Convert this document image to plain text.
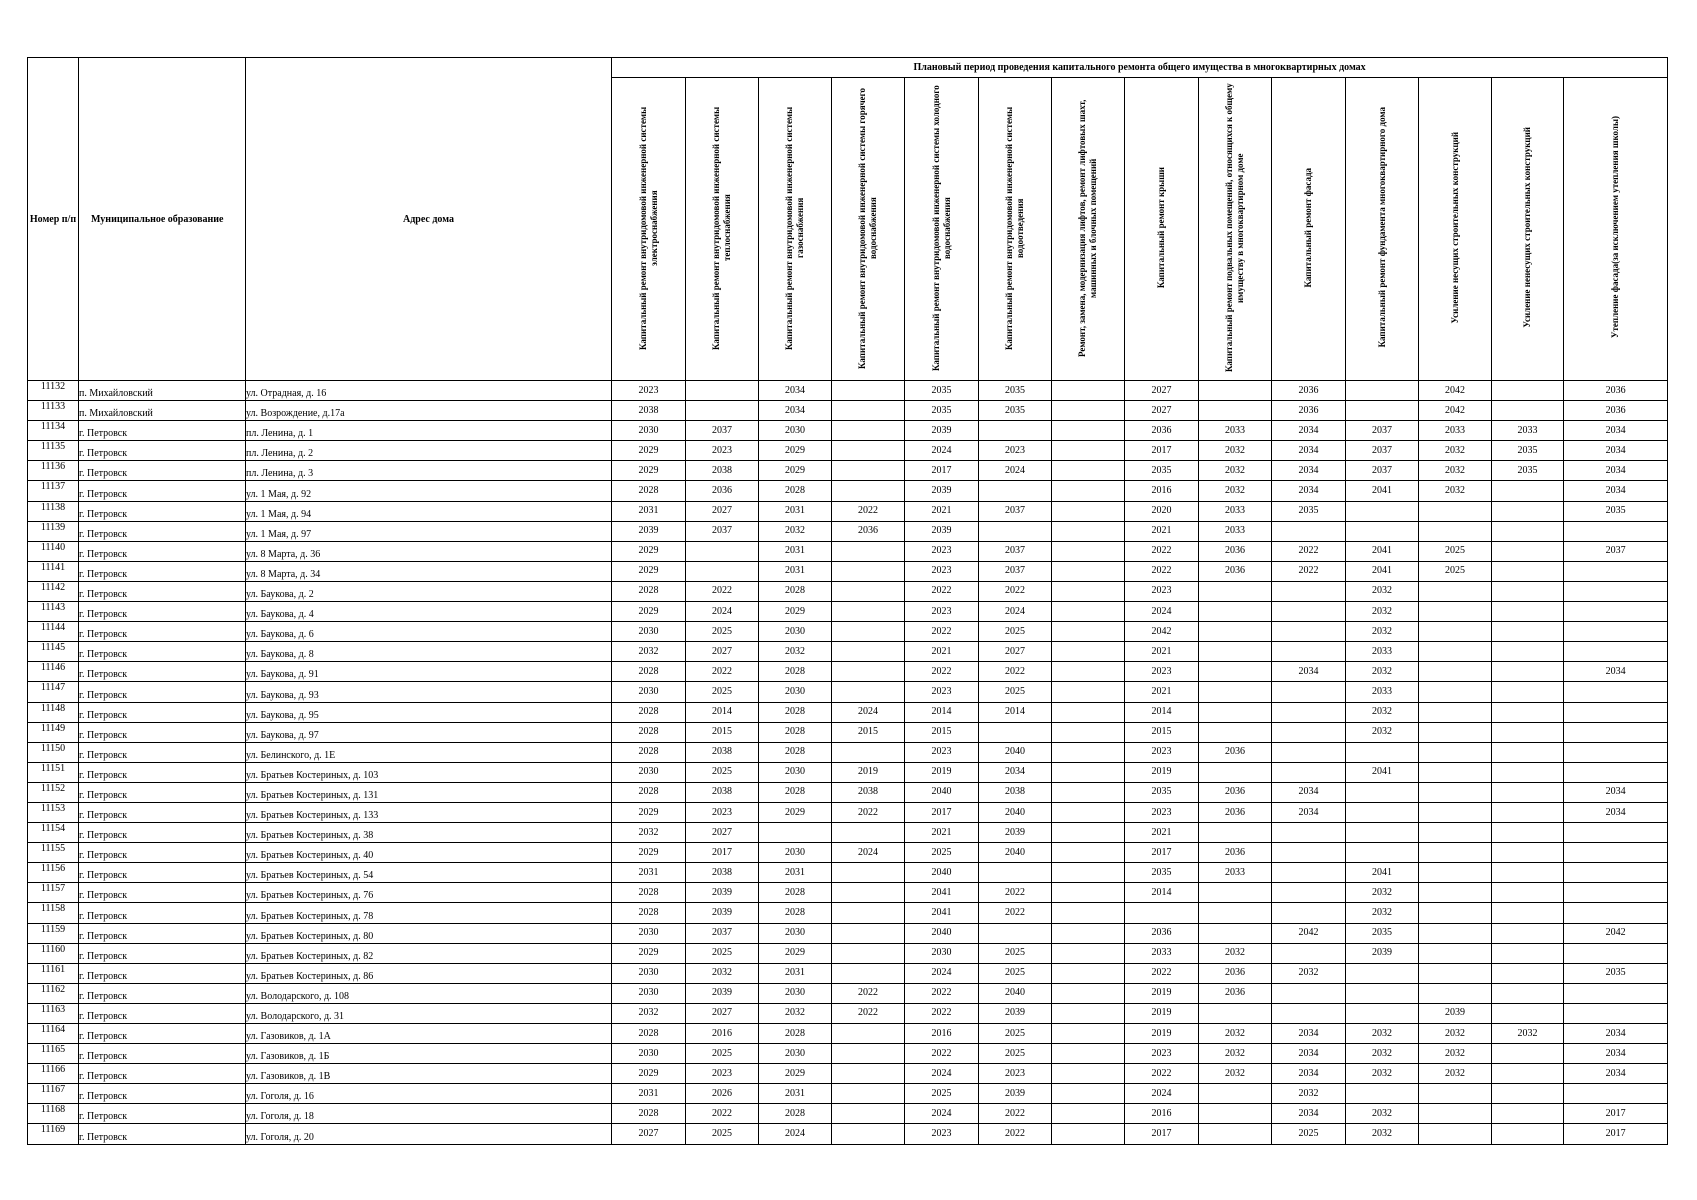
Номер п/п	Муниципальное образование	Адрес дома	Плановый период проведения капитального ремонта общего имущества в многоквартирных домах													
			Капитальный ремонт внутридомовой инженерной системы электроснабжения	Капитальный ремонт внутридомовой инженерной системы теплоснабжения	Капитальный ремонт внутридомовой инженерной системы газоснабжения	Капитальный ремонт внутридомовой инженерной системы горячего водоснабжения	Капитальный ремонт внутридомовой инженерной системы холодного водоснабжения	Капитальный ремонт внутридомовой инженерной системы водоотведения	Ремонт, замена, модернизация лифтов, ремонт лифтовых шахт, машинных и блочных помещений	Капитальный ремонт крыши	Капитальный ремонт подвальных помещений, относящихся к общему имуществу в многоквартирном доме	Капитальный ремонт фасада	Капитальный ремонт фундамента многоквартирного дома	Усиление несущих строительных конструкций	Усиление ненесущих строительных конструкций	Утепление фасада(за исключением утепления школы)
11132	п. Михайловский	ул. Отрадная, д. 16	2023		2034		2035	2035		2027		2036		2042		2036
11133	п. Михайловский	ул. Возрождение, д.17а	2038		2034		2035	2035		2027		2036		2042		2036
11134	г. Петровск	пл. Ленина, д. 1	2030	2037	2030		2039			2036	2033	2034	2037	2033	2033	2034
11135	г. Петровск	пл. Ленина, д. 2	2029	2023	2029		2024	2023		2017	2032	2034	2037	2032	2035	2034
11136	г. Петровск	пл. Ленина, д. 3	2029	2038	2029		2017	2024		2035	2032	2034	2037	2032	2035	2034
11137	г. Петровск	ул. 1 Мая, д. 92	2028	2036	2028		2039			2016	2032	2034	2041	2032		2034
11138	г. Петровск	ул. 1 Мая, д. 94	2031	2027	2031	2022	2021	2037		2020	2033	2035				2035
11139	г. Петровск	ул. 1 Мая, д. 97	2039	2037	2032	2036	2039			2021	2033					
11140	г. Петровск	ул. 8 Марта, д. 36	2029		2031		2023	2037		2022	2036	2022	2041	2025		2037
11141	г. Петровск	ул. 8 Марта, д. 34	2029		2031		2023	2037		2022	2036	2022	2041	2025		
11142	г. Петровск	ул. Баукова, д. 2	2028	2022	2028		2022	2022		2023			2032			
11143	г. Петровск	ул. Баукова, д. 4	2029	2024	2029		2023	2024		2024			2032			
11144	г. Петровск	ул. Баукова, д. 6	2030	2025	2030		2022	2025		2042			2032			
11145	г. Петровск	ул. Баукова, д. 8	2032	2027	2032		2021	2027		2021			2033			
11146	г. Петровск	ул. Баукова, д. 91	2028	2022	2028		2022	2022		2023		2034	2032			2034
11147	г. Петровск	ул. Баукова, д. 93	2030	2025	2030		2023	2025		2021			2033			
11148	г. Петровск	ул. Баукова, д. 95	2028	2014	2028	2024	2014	2014		2014			2032			
11149	г. Петровск	ул. Баукова, д. 97	2028	2015	2028	2015	2015			2015			2032			
11150	г. Петровск	ул. Белинского, д. 1Е	2028	2038	2028		2023	2040		2023	2036					
11151	г. Петровск	ул. Братьев Костериных, д. 103	2030	2025	2030	2019	2019	2034		2019			2041			
11152	г. Петровск	ул. Братьев Костериных, д. 131	2028	2038	2028	2038	2040	2038		2035	2036	2034				2034
11153	г. Петровск	ул. Братьев Костериных, д. 133	2029	2023	2029	2022	2017	2040		2023	2036	2034				2034
11154	г. Петровск	ул. Братьев Костериных, д. 38	2032	2027			2021	2039		2021						
11155	г. Петровск	ул. Братьев Костериных, д. 40	2029	2017	2030	2024	2025	2040		2017	2036					
11156	г. Петровск	ул. Братьев Костериных, д. 54	2031	2038	2031		2040			2035	2033		2041			
11157	г. Петровск	ул. Братьев Костериных, д. 76	2028	2039	2028		2041	2022		2014			2032			
11158	г. Петровск	ул. Братьев Костериных, д. 78	2028	2039	2028		2041	2022					2032			
11159	г. Петровск	ул. Братьев Костериных, д. 80	2030	2037	2030		2040			2036		2042	2035			2042
11160	г. Петровск	ул. Братьев Костериных, д. 82	2029	2025	2029		2030	2025		2033	2032		2039			
11161	г. Петровск	ул. Братьев Костериных, д. 86	2030	2032	2031		2024	2025		2022	2036	2032				2035
11162	г. Петровск	ул. Володарского, д. 108	2030	2039	2030	2022	2022	2040		2019	2036					
11163	г. Петровск	ул. Володарского, д. 31	2032	2027	2032	2022	2022	2039		2019				2039		
11164	г. Петровск	ул. Газовиков, д. 1А	2028	2016	2028		2016	2025		2019	2032	2034	2032	2032	2032	2034
11165	г. Петровск	ул. Газовиков, д. 1Б	2030	2025	2030		2022	2025		2023	2032	2034	2032	2032		2034
11166	г. Петровск	ул. Газовиков, д. 1В	2029	2023	2029		2024	2023		2022	2032	2034	2032	2032		2034
11167	г. Петровск	ул. Гоголя, д. 16	2031	2026	2031		2025	2039		2024		2032				
11168	г. Петровск	ул. Гоголя, д. 18	2028	2022	2028		2024	2022		2016		2034	2032			2017
11169	г. Петровск	ул. Гоголя, д. 20	2027	2025	2024		2023	2022		2017		2025	2032			2017
